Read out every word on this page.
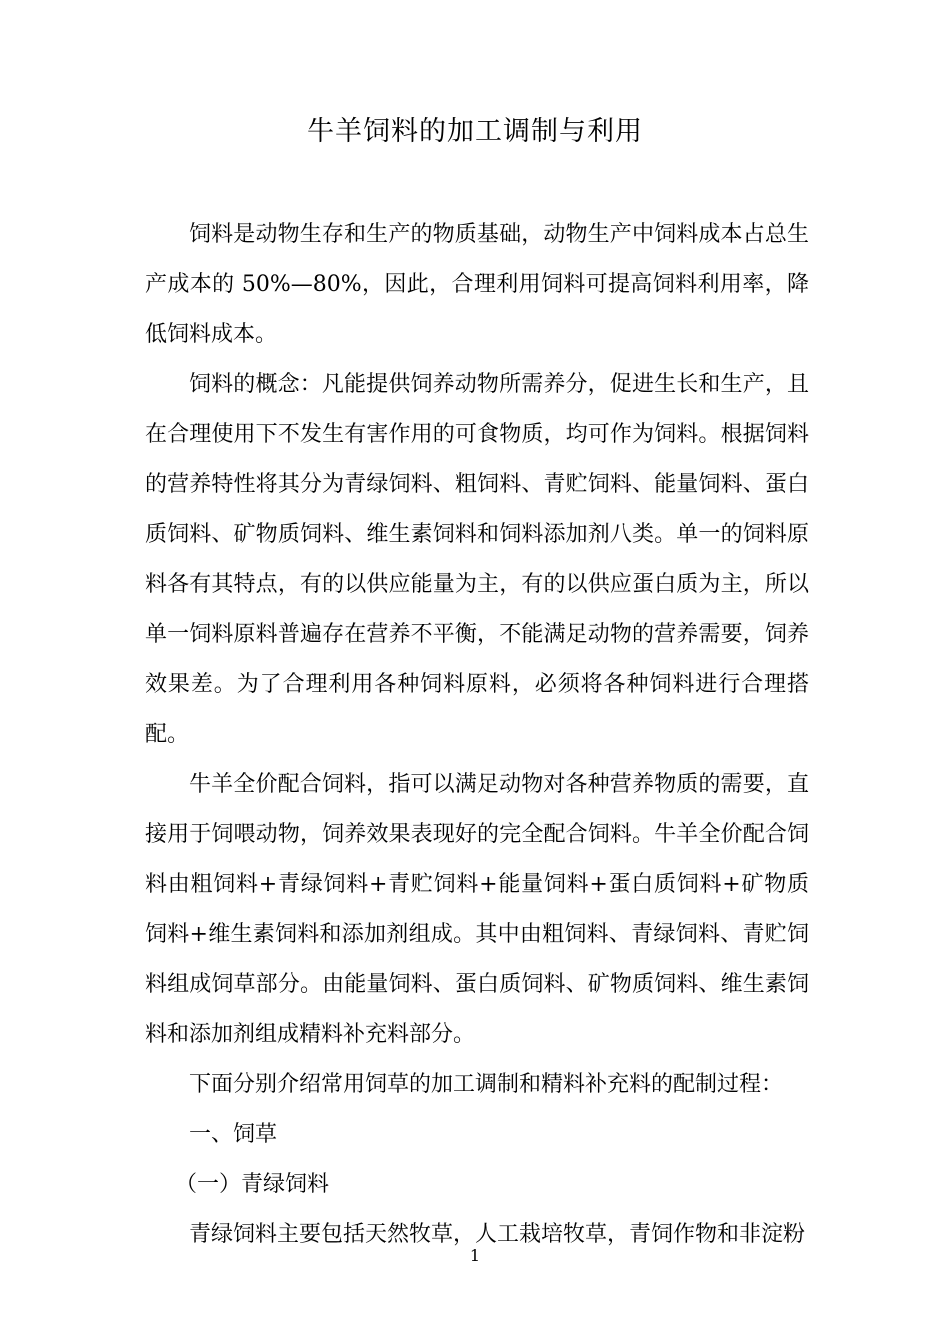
牛羊饲料的加工调制与利用

饲料是动物生存和生产的物质基础，动物生产中饲料成本占总生产成本的 50%—80%，因此，合理利用饲料可提高饲料利用率，降低饲料成本。

饲料的概念：凡能提供饲养动物所需养分，促进生长和生产，且在合理使用下不发生有害作用的可食物质，均可作为饲料。根据饲料的营养特性将其分为青绿饲料、粗饲料、青贮饲料、能量饲料、蛋白质饲料、矿物质饲料、维生素饲料和饲料添加剂八类。单一的饲料原料各有其特点，有的以供应能量为主，有的以供应蛋白质为主，所以单一饲料原料普遍存在营养不平衡，不能满足动物的营养需要，饲养效果差。为了合理利用各种饲料原料，必须将各种饲料进行合理搭配。

牛羊全价配合饲料，指可以满足动物对各种营养物质的需要，直接用于饲喂动物，饲养效果表现好的完全配合饲料。牛羊全价配合饲料由粗饲料+青绿饲料+青贮饲料+能量饲料+蛋白质饲料+矿物质饲料+维生素饲料和添加剂组成。其中由粗饲料、青绿饲料、青贮饲料组成饲草部分。由能量饲料、蛋白质饲料、矿物质饲料、维生素饲料和添加剂组成精料补充料部分。

下面分别介绍常用饲草的加工调制和精料补充料的配制过程：

一、饲草

（一）青绿饲料

青绿饲料主要包括天然牧草，人工栽培牧草，青饲作物和非淀粉

1
